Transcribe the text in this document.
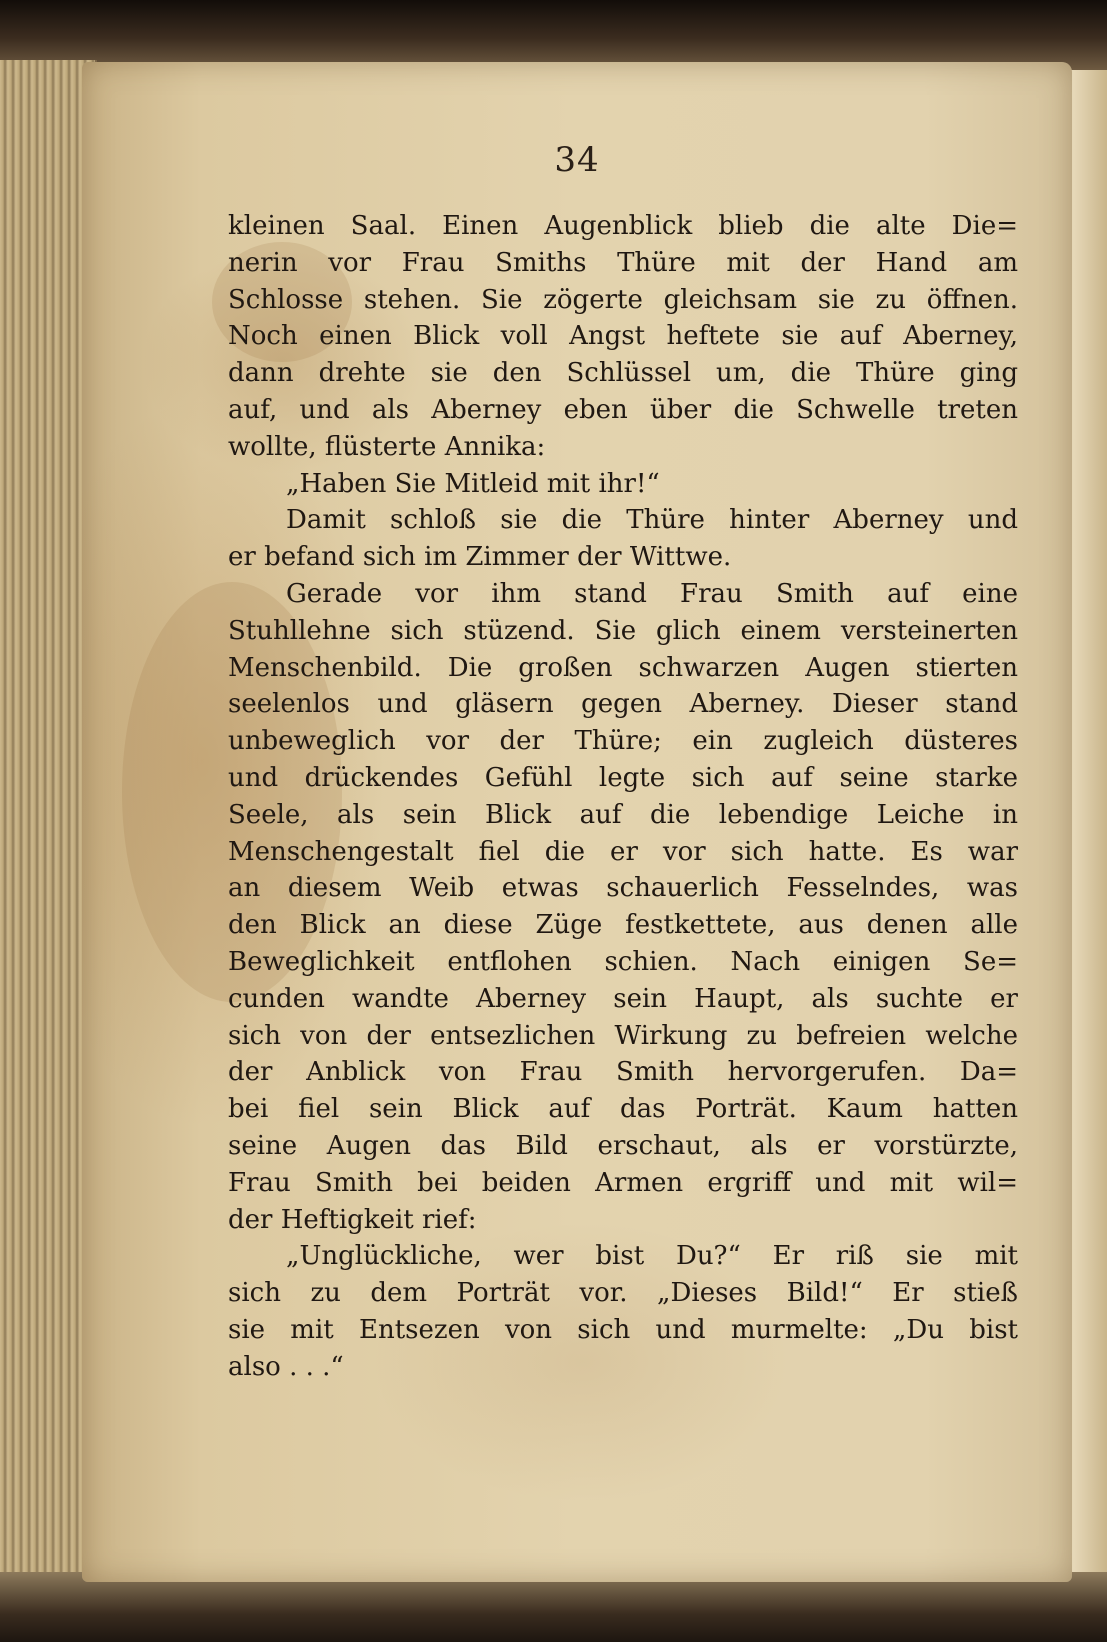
34
kleinen Saal. Einen Augenblick blieb die alte Die=
nerin vor Frau Smiths Thüre mit der Hand am
Schlosse stehen. Sie zögerte gleichsam sie zu öffnen.
Noch einen Blick voll Angst heftete sie auf Aberney,
dann drehte sie den Schlüssel um, die Thüre ging
auf, und als Aberney eben über die Schwelle treten
wollte, flüsterte Annika:
„Haben Sie Mitleid mit ihr!“
Damit schloß sie die Thüre hinter Aberney und
er befand sich im Zimmer der Wittwe.
Gerade vor ihm stand Frau Smith auf eine
Stuhllehne sich stüzend. Sie glich einem versteinerten
Menschenbild. Die großen schwarzen Augen stierten
seelenlos und gläsern gegen Aberney. Dieser stand
unbeweglich vor der Thüre; ein zugleich düsteres
und drückendes Gefühl legte sich auf seine starke
Seele, als sein Blick auf die lebendige Leiche in
Menschengestalt fiel die er vor sich hatte. Es war
an diesem Weib etwas schauerlich Fesselndes, was
den Blick an diese Züge festkettete, aus denen alle
Beweglichkeit entflohen schien. Nach einigen Se=
cunden wandte Aberney sein Haupt, als suchte er
sich von der entsezlichen Wirkung zu befreien welche
der Anblick von Frau Smith hervorgerufen. Da=
bei fiel sein Blick auf das Porträt. Kaum hatten
seine Augen das Bild erschaut, als er vorstürzte,
Frau Smith bei beiden Armen ergriff und mit wil=
der Heftigkeit rief:
„Unglückliche, wer bist Du?“ Er riß sie mit
sich zu dem Porträt vor. „Dieses Bild!“ Er stieß
sie mit Entsezen von sich und murmelte: „Du bist
also . . .“
